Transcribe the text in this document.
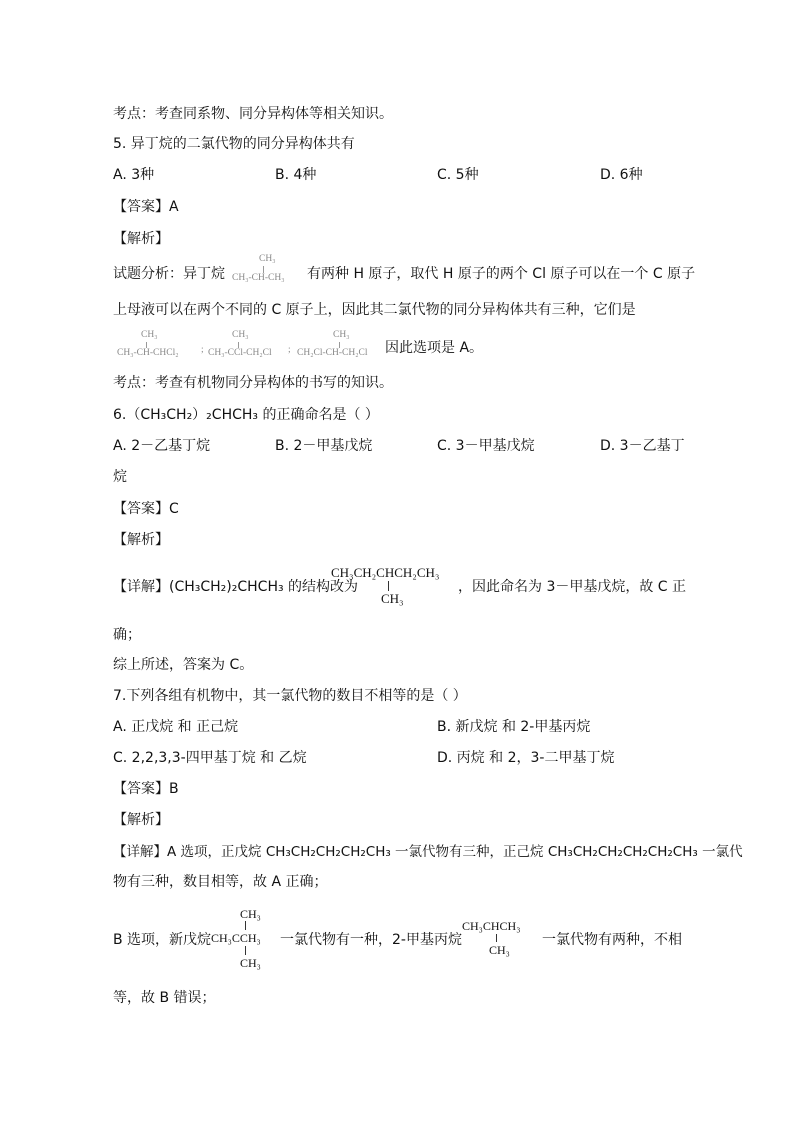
考点：考查同系物、同分异构体等相关知识。
5. 异丁烷的二氯代物的同分异构体共有
A. 3种	B. 4种	C. 5种	D. 6种
【答案】A
【解析】
试题分析：异丁烷
CH₃
CH₃-CH-CH₃ 有两种 H 原子，取代 H 原子的两个 Cl 原子可以在一个 C 原子
上母液可以在两个不同的 C 原子上，因此其二氯代物的同分异构体共有三种，它们是
CH₃
CH₃-CH-CHCl₂ ;
CH₃
CH₃-CCl-CH₂Cl ;
CH₃
CH₂Cl-CH-CH₂Cl 因此选项是 A。
考点：考查有机物同分异构体的书写的知识。
6.（CH₃CH₂）₂CHCH₃ 的正确命名是（ ）
A. 2－乙基丁烷	B. 2－甲基戊烷	C. 3－甲基戊烷	D. 3－乙基丁
烷
【答案】C
【解析】
【详解】(CH₃CH₂)₂CHCH₃ 的结构改为
CH₃CH₂CHCH₂CH₃
CH₃
，因此命名为 3－甲基戊烷，故 C 正
确；
综上所述，答案为 C。
7.下列各组有机物中，其一氯代物的数目不相等的是（ ）
A. 正戊烷 和 正己烷	B. 新戊烷 和 2-甲基丙烷
C. 2,2,3,3-四甲基丁烷 和 乙烷	D. 丙烷 和 2，3-二甲基丁烷
【答案】B
【解析】
【详解】A 选项，正戊烷 CH₃CH₂CH₂CH₂CH₃ 一氯代物有三种，正己烷 CH₃CH₂CH₂CH₂CH₂CH₃ 一氯代
物有三种，数目相等，故 A 正确；
B 选项，新戊烷
CH₃
CH₃CCH₃
CH₃
一氯代物有一种，2-甲基丙烷
CH₃CHCH₃
CH₃
一氯代物有两种，不相
等，故 B 错误；
